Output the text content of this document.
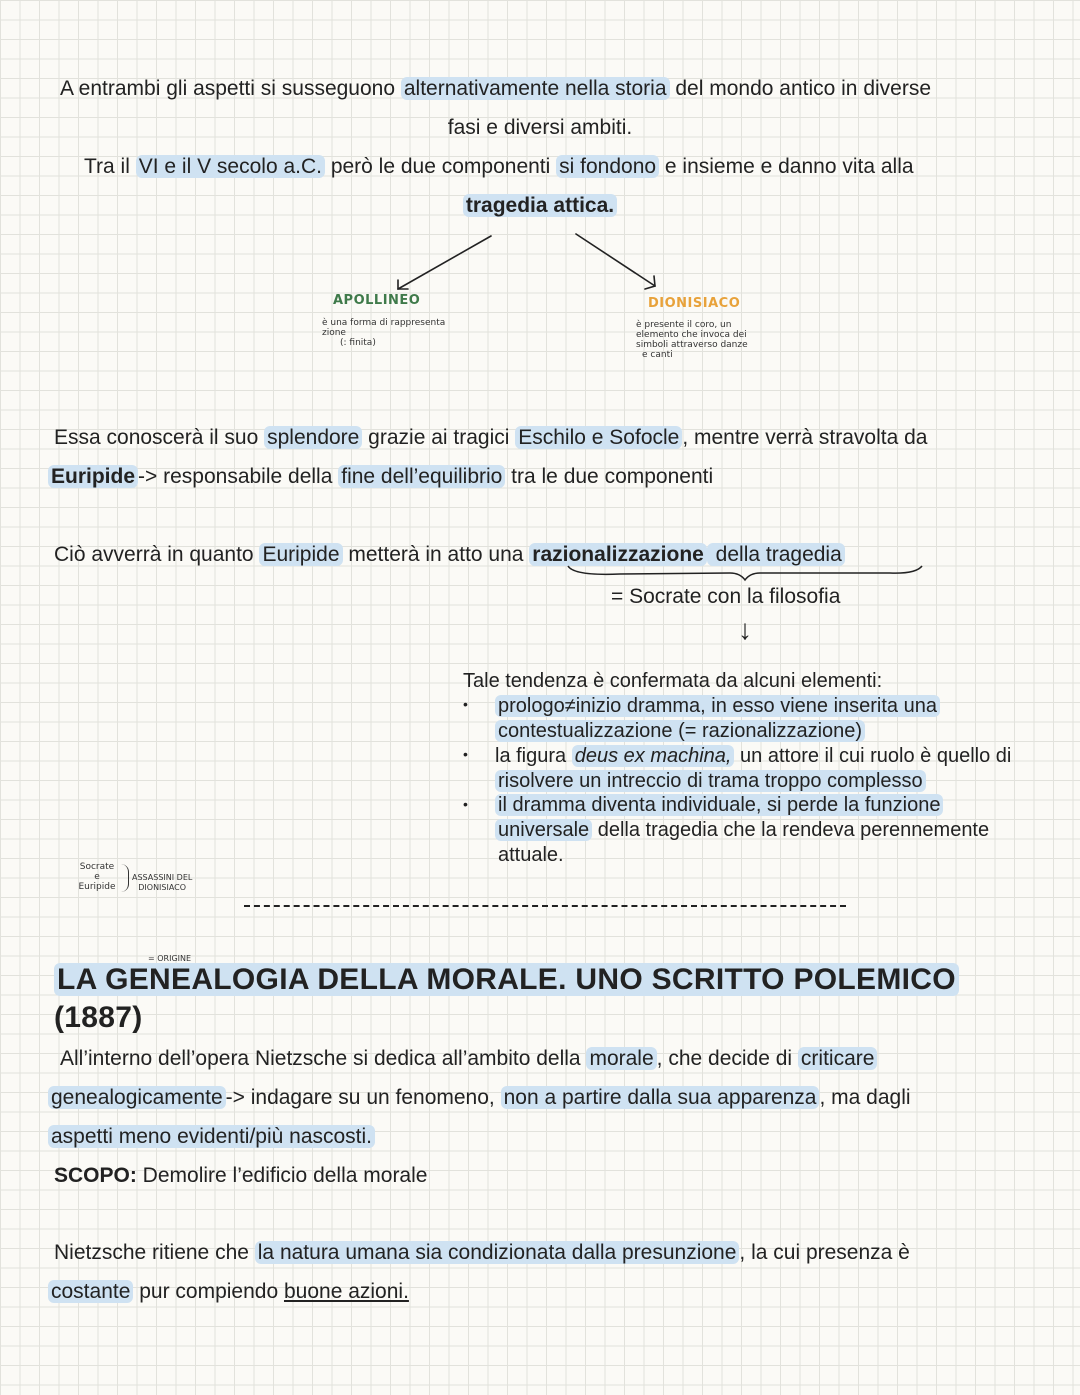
A entrambi gli aspetti si susseguono alternativamente nella storia del mondo antico in diverse
fasi e diversi ambiti.
Tra il VI e il V secolo a.C. però le due componenti si fondono e insieme e danno vita alla
tragedia attica.
APOLLINEO
è una forma di rappresenta
zione
(: finita)
DIONISIACO
è presente il coro, un
elemento che invoca dei
simboli attraverso danze
e canti
Essa conoscerà il suo splendore grazie ai tragici Eschilo e Sofocle , mentre verrà stravolta da
Euripide -> responsabile della fine dell’equilibrio tra le due componenti
Ciò avverrà in quanto Euripide metterà in atto una razionalizzazione della tragedia
= Socrate con la filosofia
↓
Tale tendenza è confermata da alcuni elementi:
• prologo≠inizio dramma, in esso viene inserita una
contestualizzazione (= razionalizzazione)
• la figura deus ex machina, un attore il cui ruolo è quello di
risolvere un intreccio di trama troppo complesso
• il dramma diventa individuale, si perde la funzione
universale della tragedia che la rendeva perennemente
attuale.
Socrate
e
Euripide
ASSASSINI DEL
DIONISIACO
= ORIGINE
LA GENEALOGIA DELLA MORALE. UNO SCRITTO POLEMICO
(1887)
All’interno dell’opera Nietzsche si dedica all’ambito della morale , che decide di criticare
genealogicamente -> indagare su un fenomeno, non a partire dalla sua apparenza , ma dagli
aspetti meno evidenti/più nascosti.
SCOPO: Demolire l’edificio della morale
Nietzsche ritiene che la natura umana sia condizionata dalla presunzione , la cui presenza è
costante pur compiendo buone azioni.
